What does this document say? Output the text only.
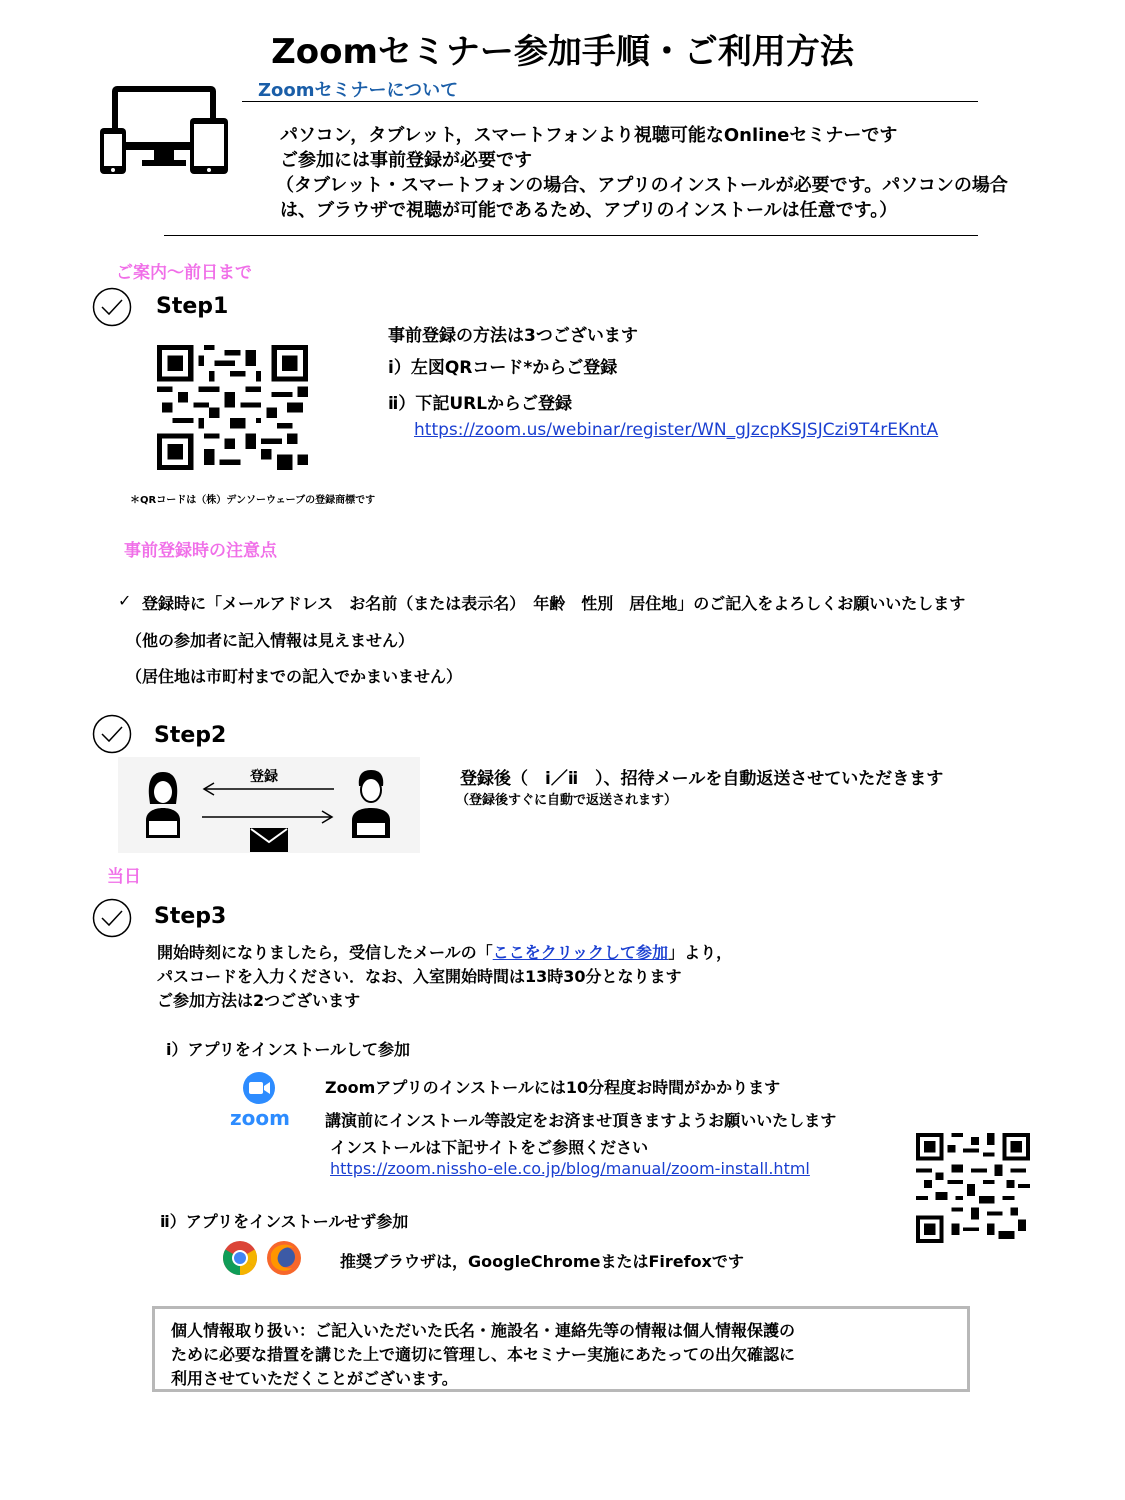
Zoomセミナー参加手順・ご利用方法
Zoomセミナーについて
パソコン，タブレット，スマートフォンより視聴可能なOnlineセミナーです
ご参加には事前登録が必要です
（タブレット・スマートフォンの場合、アプリのインストールが必要です。パソコンの場合
は、ブラウザで視聴が可能であるため、アプリのインストールは任意です。）
ご案内～前日まで
Step1
＊QRコードは（株）デンソーウェーブの登録商標です
事前登録の方法は3つございます
ⅰ）左図QRコード*からご登録
ⅱ）下記URLからご登録
https://zoom.us/webinar/register/WN_gJzcpKSJSJCzi9T4rEKntA
事前登録時の注意点
✓ 登録時に「メールアドレス　お名前（または表示名）　年齢　性別　居住地」のご記入をよろしくお願いいたします
（他の参加者に記入情報は見えません）
（居住地は市町村までの記入でかまいません）
Step2
登録	登録後（　ⅰ／ⅱ　）、招待メールを自動返送させていただきます
（登録後すぐに自動で返送されます）
当日
Step3
開始時刻になりましたら，受信したメールの「ここをクリックして参加」より，
パスコードを入力ください．なお、入室開始時間は13時30分となります
ご参加方法は2つございます
ⅰ）アプリをインストールして参加
zoom
Zoomアプリのインストールには10分程度お時間がかかります
講演前にインストール等設定をお済ませ頂きますようお願いいたします
インストールは下記サイトをご参照ください
https://zoom.nissho-ele.co.jp/blog/manual/zoom-install.html
ⅱ）アプリをインストールせず参加
推奨ブラウザは，GoogleChromeまたはFirefoxです
個人情報取り扱い：ご記入いただいた氏名・施設名・連絡先等の情報は個人情報保護の
ために必要な措置を講じた上で適切に管理し、本セミナー実施にあたっての出欠確認に
利用させていただくことがございます。
